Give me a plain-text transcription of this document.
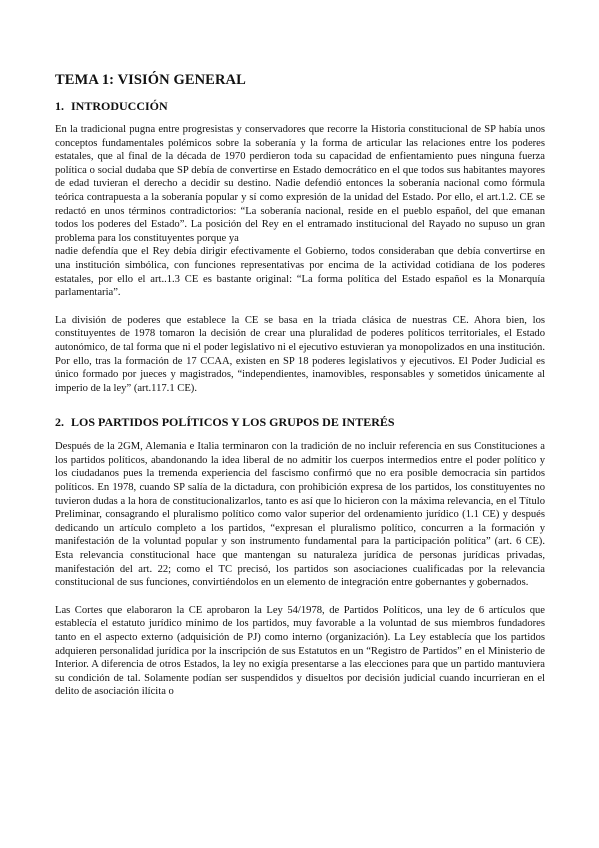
TEMA 1: VISIÓN GENERAL
1. INTRODUCCIÓN

En la tradicional pugna entre progresistas y conservadores que recorre la Historia constitucional de SP había unos conceptos fundamentales polémicos sobre la soberanía y la forma de articular las relaciones entre los poderes estatales, que al final de la década de 1970 perdieron toda su capacidad de enfientamiento pues ninguna fuerza política o social dudaba que SP debía de convertirse en Estado democrático en el que todos sus habitantes mayores de edad tuvieran el derecho a decidir su destino. Nadie defendió entonces la soberanía nacional como fórmula teórica contrapuesta a la soberanía popular y sí como expresión de la unidad del Estado. Por ello, el art.1.2. CE se redactó en unos términos contradictorios: “La soberanía nacional, reside en el pueblo español, del que emanan todos los poderes del Estado”. La posición del Rey en el entramado institucional del Rayado no supuso un gran problema para los constituyentes porque ya

nadie defendía que el Rey debía dirigir efectivamente el Gobierno, todos consideraban que debía convertirse en una institución simbólica, con funciones representativas por encima de la actividad cotidiana de los poderes estatales, por ello el art..1.3 CE es bastante original: “La forma política del Estado español es la Monarquía parlamentaria”.

La división de poderes que establece la CE se basa en la triada clásica de nuestras CE. Ahora bien, los constituyentes de 1978 tomaron la decisión de crear una pluralidad de poderes políticos territoriales, el Estado autonómico, de tal forma que ni el poder legislativo ni el ejecutivo estuvieran ya monopolizados en una institución. Por ello, tras la formación de 17 CCAA, existen en SP 18 poderes legislativos y ejecutivos. El Poder Judicial es único formado por jueces y magistrados, “independientes, inamovibles, responsables y sometidos únicamente al imperio de la ley” (art.117.1 CE).

2. LOS PARTIDOS POLÍTICOS Y LOS GRUPOS DE INTERÉS

Después de la 2GM, Alemania e Italia terminaron con la tradición de no incluir referencia en sus Constituciones a los partidos políticos, abandonando la idea liberal de no admitir los cuerpos intermedios entre el poder político y los ciudadanos pues la tremenda experiencia del fascismo confirmó que no era posible democracia sin partidos políticos. En 1978, cuando SP salía de la dictadura, con prohibición expresa de los partidos, los constituyentes no tuvieron dudas a la hora de constitucionalizarlos, tanto es así que lo hicieron con la máxima relevancia, en el Título Preliminar, consagrando el pluralismo político como valor superior del ordenamiento jurídico (1.1 CE) y después dedicando un artículo completo a los partidos, “expresan el pluralismo político, concurren a la formación y manifestación de la voluntad popular y son instrumento fundamental para la participación política” (art. 6 CE). Esta relevancia constitucional hace que mantengan su naturaleza jurídica de personas jurídicas privadas, manifestación del art. 22; como el TC precisó, los partidos son asociaciones cualificadas por la relevancia constitucional de sus funciones, convirtiéndolos en un elemento de integración entre gobernantes y gobernados.

Las Cortes que elaboraron la CE aprobaron la Ley 54/1978, de Partidos Políticos, una ley de 6 artículos que establecía el estatuto jurídico mínimo de los partidos, muy favorable a la voluntad de sus miembros fundadores tanto en el aspecto externo (adquisición de PJ) como interno (organización). La Ley establecía que los partidos adquieren personalidad jurídica por la inscripción de sus Estatutos en un “Registro de Partidos” en el Ministerio de Interior. A diferencia de otros Estados, la ley no exigía presentarse a las elecciones para que un partido mantuviera su condición de tal. Solamente podían ser suspendidos y disueltos por decisión judicial cuando incurrieran en el delito de asociación ilícita o
